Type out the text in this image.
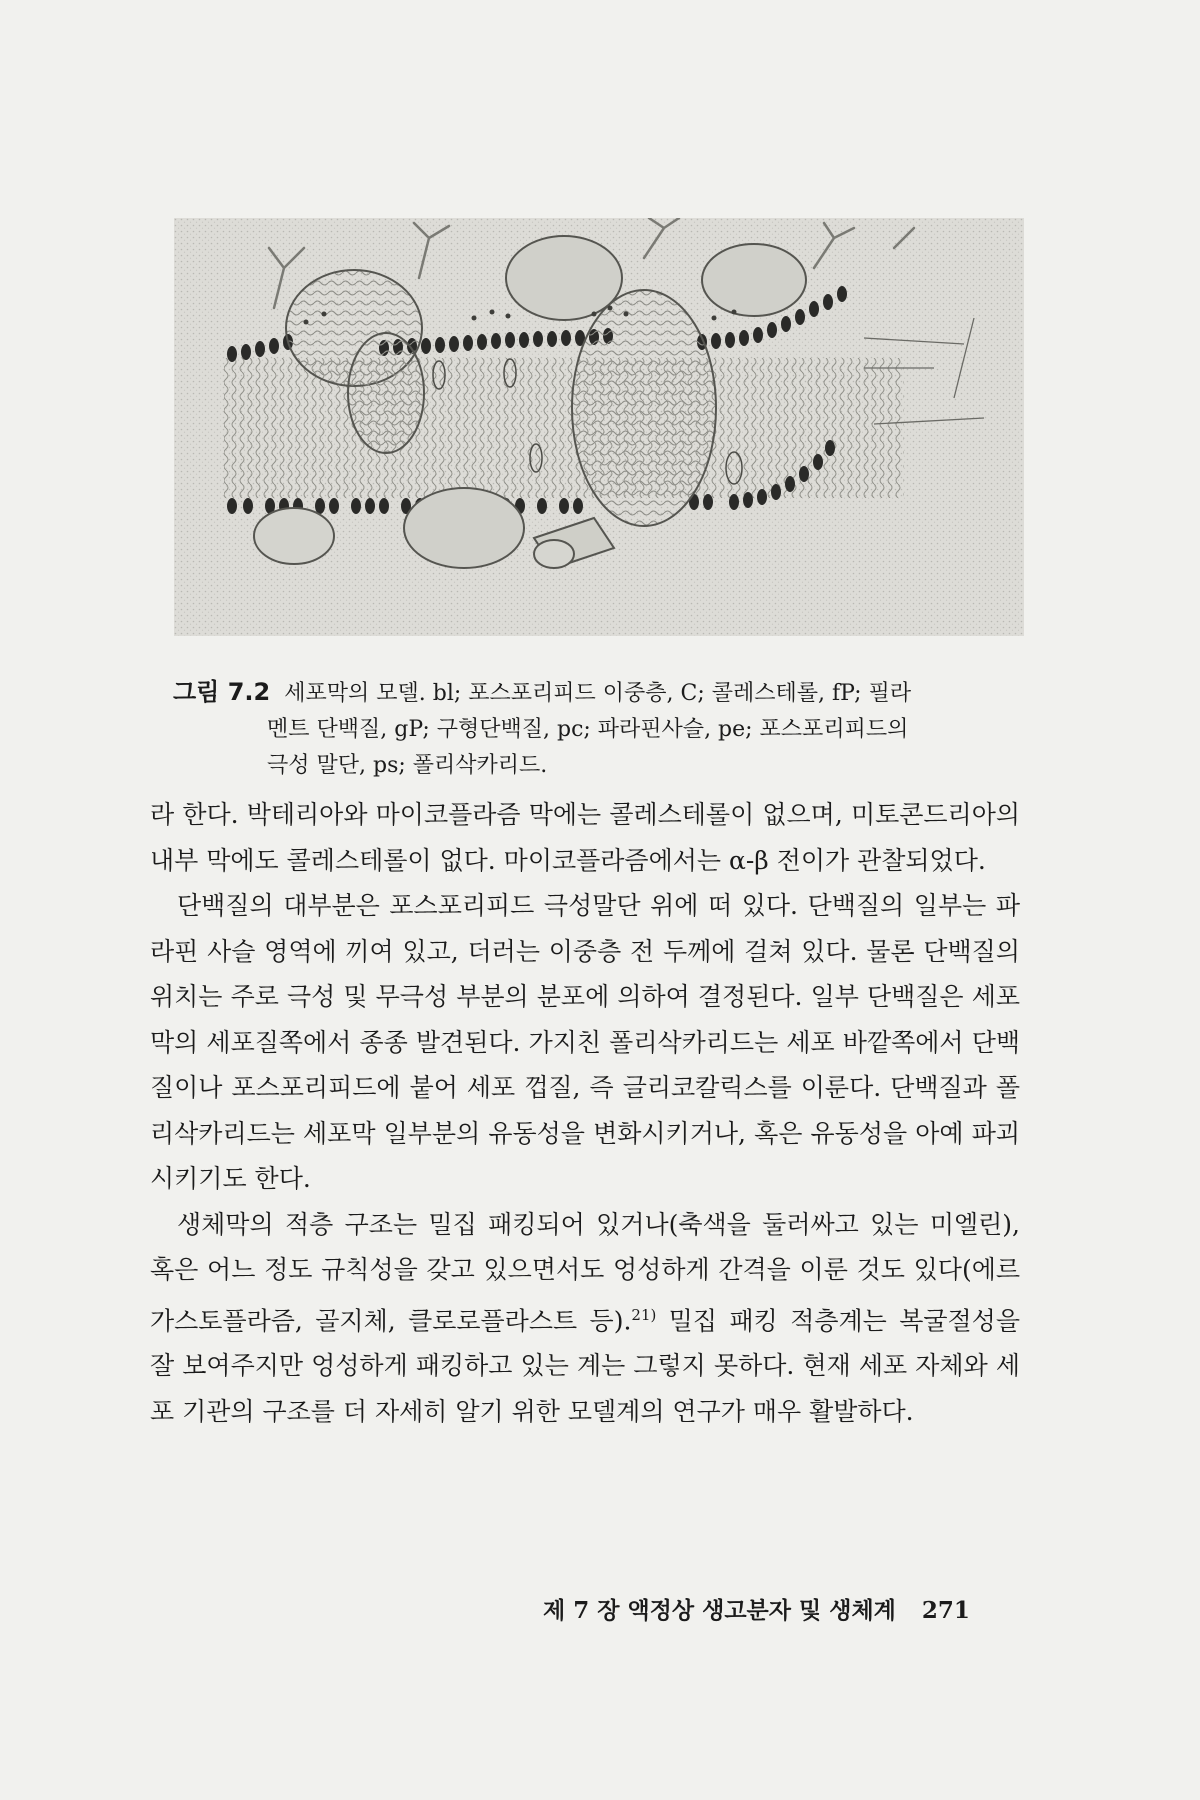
그림 7.2 세포막의 모델. bl; 포스포리피드 이중층, C; 콜레스테롤, fP; 필라
멘트 단백질, gP; 구형단백질, pc; 파라핀사슬, pe; 포스포리피드의
극성 말단, ps; 폴리삭카리드.

라 한다. 박테리아와 마이코플라즘 막에는 콜레스테롤이 없으며, 미토콘드리아의 내부 막에도 콜레스테롤이 없다. 마이코플라즘에서는 α-β 전이가 관찰되었다.

단백질의 대부분은 포스포리피드 극성말단 위에 떠 있다. 단백질의 일부는 파라핀 사슬 영역에 끼여 있고, 더러는 이중층 전 두께에 걸쳐 있다. 물론 단백질의 위치는 주로 극성 및 무극성 부분의 분포에 의하여 결정된다. 일부 단백질은 세포막의 세포질쪽에서 종종 발견된다. 가지친 폴리삭카리드는 세포 바깥쪽에서 단백질이나 포스포리피드에 붙어 세포 껍질, 즉 글리코칼릭스를 이룬다. 단백질과 폴리삭카리드는 세포막 일부분의 유동성을 변화시키거나, 혹은 유동성을 아예 파괴시키기도 한다.

생체막의 적층 구조는 밀집 패킹되어 있거나(축색을 둘러싸고 있는 미엘린), 혹은 어느 정도 규칙성을 갖고 있으면서도 엉성하게 간격을 이룬 것도 있다(에르가스토플라즘, 골지체, 클로로플라스트 등).$^{21)}$ 밀집 패킹 적층계는 복굴절성을 잘 보여주지만 엉성하게 패킹하고 있는 계는 그렇지 못하다. 현재 세포 자체와 세포 기관의 구조를 더 자세히 알기 위한 모델계의 연구가 매우 활발하다.

제 7 장 액정상 생고분자 및 생체계 271
